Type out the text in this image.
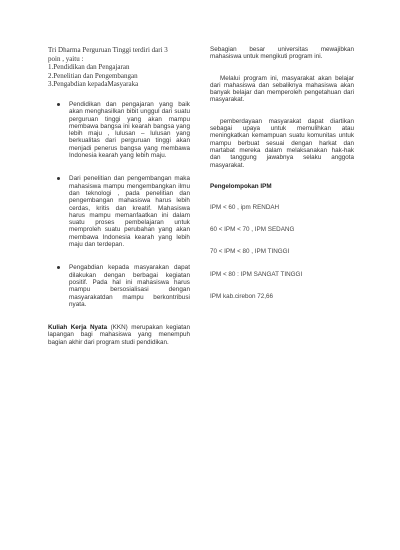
Tri Dharma Perguruan Tinggi terdiri dari 3
poin , yaitu :
1.Pendidikan dan Pengajaran
2.Penelitian dan Pengembangan
3.Pengabdian kepadaMasyaraka
Pendidikan dan pengajaran yang baik akan menghasilkan bibit unggul dari suatu perguruan tinggi yang akan mampu membawa bangsa ini kearah bangsa yang lebih maju , lulusan – lulusan yang berkualitas dari perguruan tinggi akan menjadi penerus bangsa yang membawa Indonesia kearah yang lebih maju.
Dari penelitian dan pengembangan maka mahasiswa mampu mengembangkan ilmu dan teknologi , pada penelitian dan pengembangan mahasiswa harus lebih cerdas, kritis dan kreatif. Mahasiswa harus mampu memanfaatkan ini dalam suatu proses pembelajaran untuk memproleh suatu perubahan yang akan membawa Indonesia kearah yang lebih maju dan terdepan.
Pengabdian kepada masyarakan dapat dilakukan dengan berbagai kegiatan positif. Pada hal ini mahasiswa harus mampu bersosialisasi dengan masyarakatdan mampu berkontribusi nyata.
Kuliah Kerja Nyata (KKN) merupakan kegiatan lapangan bagi mahasiswa yang menempuh bagian akhir dari program studi pendidikan.

Sebagian besar universitas mewajibkan mahasiswa untuk mengikuti program ini.

Melalui program ini, masyarakat akan belajar dari mahasiswa dan sebaliknya mahasiswa akan banyak belajar dan memperoleh pengetahuan dari masyarakat.

pemberdayaan masyarakat dapat diartikan sebagai upaya untuk memulihkan atau meningkatkan kemampuan suatu komunitas untuk mampu berbuat sesuai dengan harkat dan martabat mereka dalam melaksanakan hak-hak dan tanggung jawabnya selaku anggota masyarakat.

Pengelompokan IPM
IPM < 60 , ipm RENDAH
60 < IPM < 70 , IPM SEDANG
70 < IPM < 80 , IPM TINGGI
IPM < 80 : IPM SANGAT TINGGI
IPM kab.cirebon 72,66
